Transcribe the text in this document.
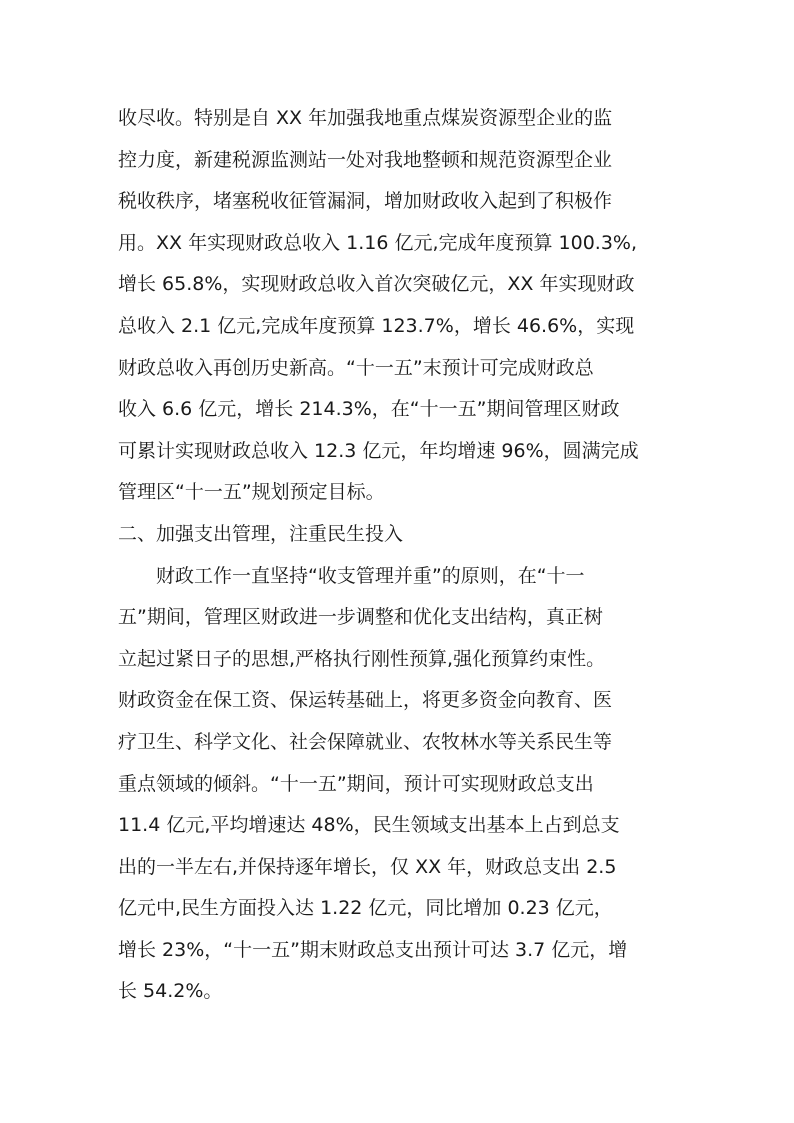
收尽收。特别是自 XX 年加强我地重点煤炭资源型企业的监
控力度，新建税源监测站一处对我地整顿和规范资源型企业
税收秩序，堵塞税收征管漏洞，增加财政收入起到了积极作
用。XX 年实现财政总收入 1.16 亿元,完成年度预算 100.3%,
增长 65.8%，实现财政总收入首次突破亿元，XX 年实现财政
总收入 2.1 亿元,完成年度预算 123.7%，增长 46.6%，实现
财政总收入再创历史新高。“十一五”末预计可完成财政总
收入 6.6 亿元，增长 214.3%，在“十一五”期间管理区财政
可累计实现财政总收入 12.3 亿元，年均增速 96%，圆满完成
管理区“十一五”规划预定目标。
二、加强支出管理，注重民生投入
　　财政工作一直坚持“收支管理并重”的原则，在“十一
五”期间，管理区财政进一步调整和优化支出结构，真正树
立起过紧日子的思想,严格执行刚性预算,强化预算约束性。
财政资金在保工资、保运转基础上，将更多资金向教育、医
疗卫生、科学文化、社会保障就业、农牧林水等关系民生等
重点领域的倾斜。“十一五”期间，预计可实现财政总支出
11.4 亿元,平均增速达 48%，民生领域支出基本上占到总支
出的一半左右,并保持逐年增长，仅 XX 年，财政总支出 2.5
亿元中,民生方面投入达 1.22 亿元，同比增加 0.23 亿元，
增长 23%，“十一五”期末财政总支出预计可达 3.7 亿元，增
长 54.2%。
